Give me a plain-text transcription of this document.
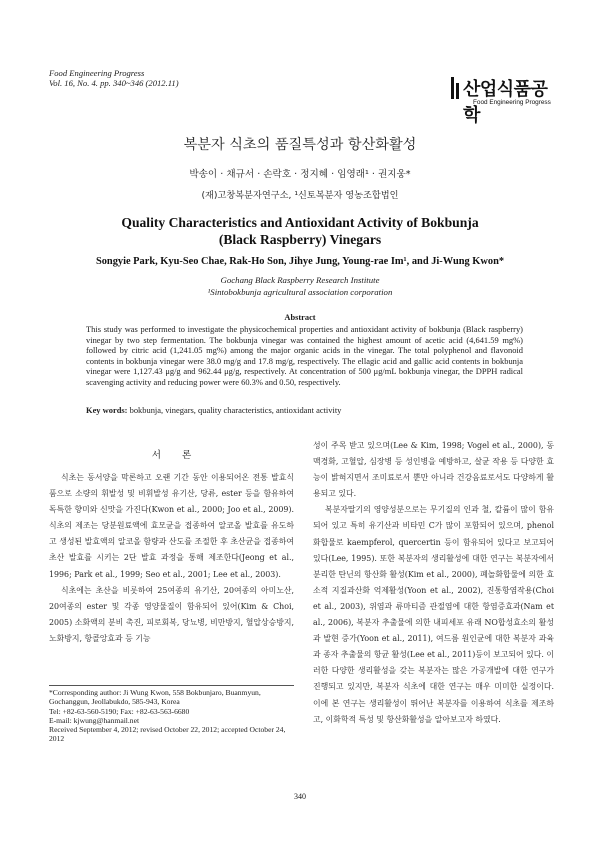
Food Engineering Progress
Vol. 16, No. 4. pp. 340~346 (2012.11)	산업식품공학
Food Engineering Progress
복분자 식초의 품질특성과 항산화활성
박송이 · 채규서 · 손락호 · 정지혜 · 임영래¹ · 권지웅*
(재)고창복분자연구소, ¹신토복분자 영농조합법인
Quality Characteristics and Antioxidant Activity of Bokbunja
(Black Raspberry) Vinegars
Songyie Park, Kyu-Seo Chae, Rak-Ho Son, Jihye Jung, Young-rae Im¹, and Ji-Wung Kwon*
Gochang Black Raspberry Research Institute
¹Sintobokbunja agricultural association corporation
Abstract
This study was performed to investigate the physicochemical properties and antioxidant activity of bokbunja (Black raspberry) vinegar by two step fermentation. The bokbunja vinegar was contained the highest amount of acetic acid (4,641.59 mg%) followed by citric acid (1,241.05 mg%) among the major organic acids in the vinegar. The total polyphenol and flavonoid contents in bokbunja vinegar were 38.0 mg/g and 17.8 mg/g, respectively. The ellagic acid and gallic acid contents in bokbunja vinegar were 1,127.43 μg/g and 962.44 μg/g, respectively. At concentration of 500 μg/mL bokbunja vinegar, the DPPH radical scavenging activity and reducing power were 60.3% and 0.50, respectively.
Key words: bokbunja, vinegars, quality characteristics, antioxidant activity
서 론

식초는 동서양을 막론하고 오랜 기간 동안 이용되어온 전통 발효식품으로 소량의 휘발성 및 비휘발성 유기산, 당류, ester 등을 함유하여 독특한 향미와 신맛을 가진다(Kwon et al., 2000; Joo et al., 2009). 식초의 제조는 당분원료액에 효모균을 접종하여 알코올 발효를 유도하고 생성된 발효액의 알코올 함량과 산도를 조절한 후 초산균을 접종하여 초산 발효를 시키는 2단 발효 과정을 통해 제조한다(Jeong et al., 1996; Park et al., 1999; Seo et al., 2001; Lee et al., 2003).

식초에는 초산을 비롯하여 25여종의 유기산, 20여종의 아미노산, 20여종의 ester 및 각종 영양물질이 함유되어 있어(Kim & Choi, 2005) 소화액의 분비 촉진, 피로회복, 당뇨병, 비만방지, 혈압상승방지, 노화방지, 항콜앙효과 등 기능

성이 주목 받고 있으며(Lee & Kim, 1998; Vogel et al., 2000), 동맥경화, 고혈압, 심장병 등 성인병을 예방하고, 살균 작용 등 다양한 효능이 밝혀지면서 조미료로서 뿐만 아니라 건강음료로서도 다양하게 활용되고 있다.

복분자딸기의 영양성분으로는 무기질의 인과 철, 칼륨이 많이 함유되어 있고 특히 유기산과 비타민 C가 많이 포함되어 있으며, phenol 화합물로 kaempferol, quercertin 등이 함유되어 있다고 보고되어 있다(Lee, 1995). 또한 복분자의 생리활성에 대한 연구는 복분자에서 분리한 탄닌의 항산화 활성(Kim et al., 2000), 폐놀화합물에 의한 효소적 지질과산화 억제활성(Yoon et al., 2002), 진통항염작용(Choi et al., 2003), 위염과 류마티즘 관절염에 대한 항염증효과(Nam et al., 2006), 복분자 추출물에 의한 내피세포 유래 NO합성효소의 활성과 발현 증가(Yoon et al., 2011), 여드름 원인균에 대한 복분자 과육과 종자 추출물의 항균 활성(Lee et al., 2011)등이 보고되어 있다. 이러한 다양한 생리활성을 갖는 복분자는 많은 가공개발에 대한 연구가 진행되고 있지만, 복분자 식초에 대한 연구는 매우 미미한 실정이다. 이에 본 연구는 생리활성이 뛰어난 복분자를 이용하여 식초를 제조하고, 이화학적 특성 및 항산화활성을 알아보고자 하였다.

*Corresponding author: Ji Wung Kwon, 558 Bokbunjaro, Buanmyun, Gochanggun, Jeollabukdo, 585-943, Korea
Tel: +82-63-560-5190; Fax: +82-63-563-6680
E-mail: kjwung@hanmail.net
Received September 4, 2012; revised October 22, 2012; accepted October 24, 2012
340
